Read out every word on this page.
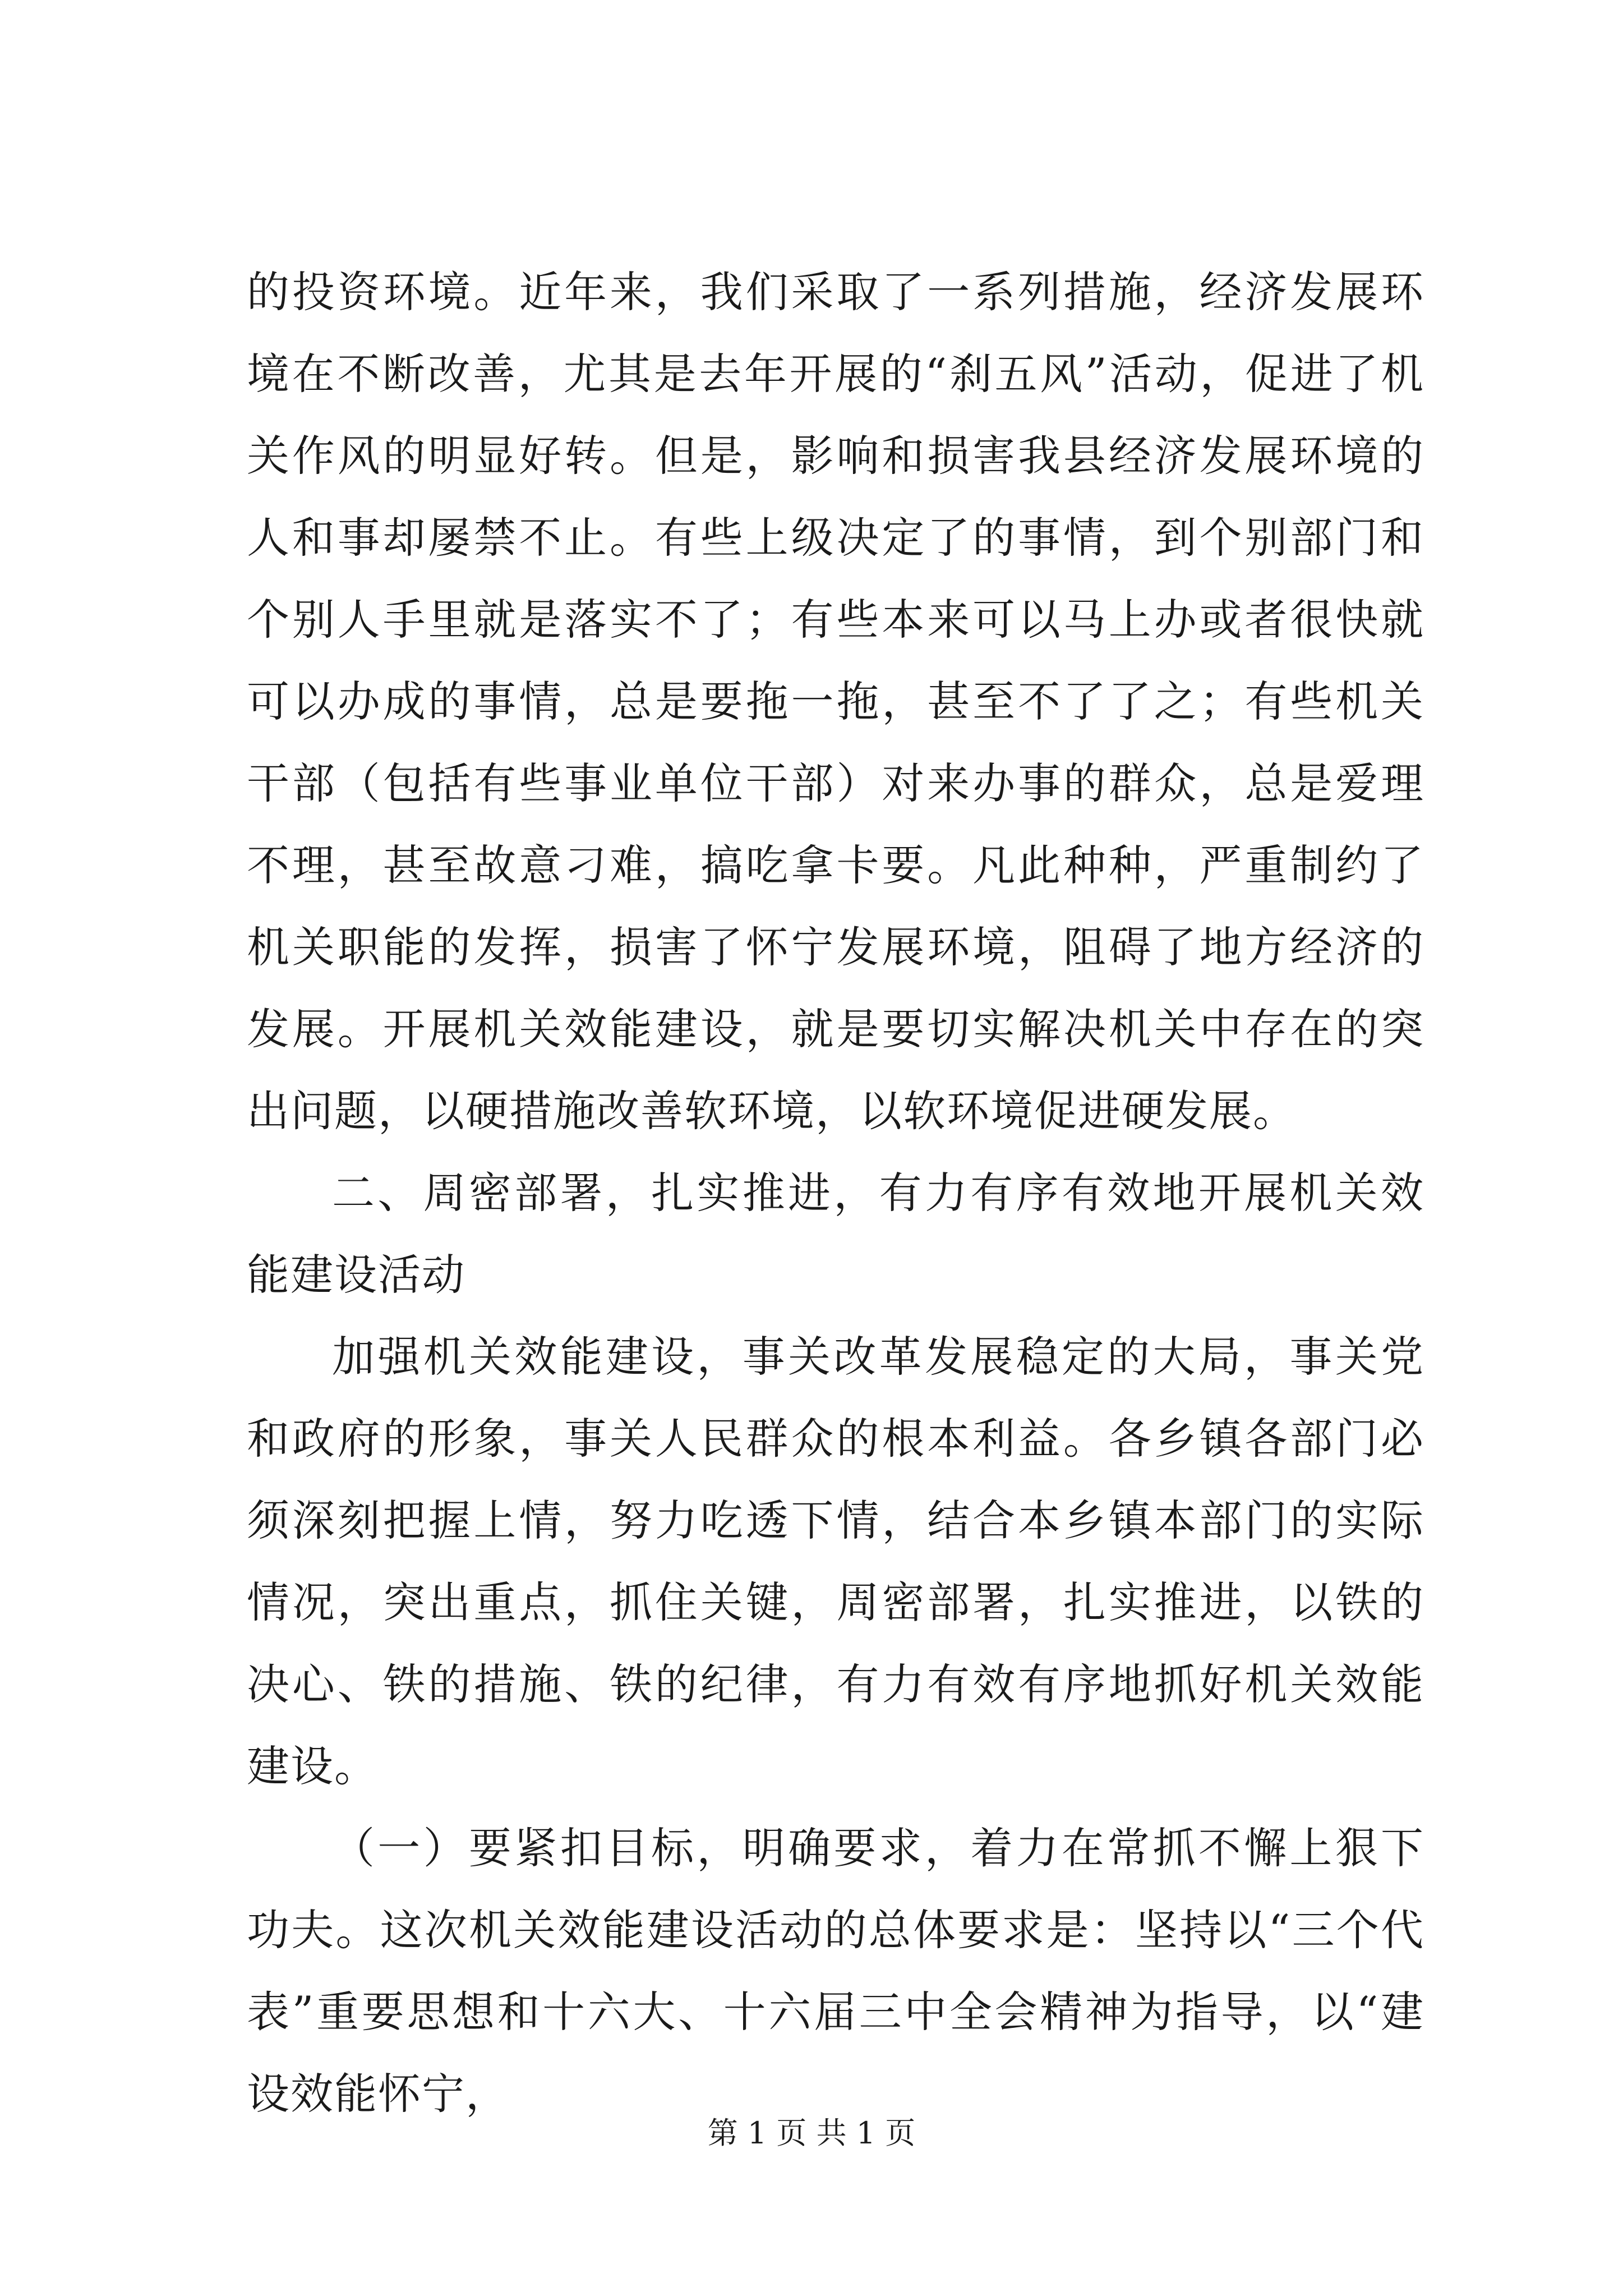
的投资环境。近年来，我们采取了一系列措施，经济发展环境在不断改善，尤其是去年开展的“刹五风”活动，促进了机关作风的明显好转。但是，影响和损害我县经济发展环境的人和事却屡禁不止。有些上级决定了的事情，到个别部门和个别人手里就是落实不了；有些本来可以马上办或者很快就可以办成的事情，总是要拖一拖，甚至不了了之；有些机关干部（包括有些事业单位干部）对来办事的群众，总是爱理不理，甚至故意刁难，搞吃拿卡要。凡此种种，严重制约了机关职能的发挥，损害了怀宁发展环境，阻碍了地方经济的发展。开展机关效能建设，就是要切实解决机关中存在的突出问题，以硬措施改善软环境，以软环境促进硬发展。

二、周密部署，扎实推进，有力有序有效地开展机关效能建设活动

加强机关效能建设，事关改革发展稳定的大局，事关党和政府的形象，事关人民群众的根本利益。各乡镇各部门必须深刻把握上情，努力吃透下情，结合本乡镇本部门的实际情况，突出重点，抓住关键，周密部署，扎实推进，以铁的决心、铁的措施、铁的纪律，有力有效有序地抓好机关效能建设。

（一）要紧扣目标，明确要求，着力在常抓不懈上狠下功夫。这次机关效能建设活动的总体要求是：坚持以“三个代表”重要思想和十六大、十六届三中全会精神为指导，以“建设效能怀宁，

第 1 页 共 1 页
